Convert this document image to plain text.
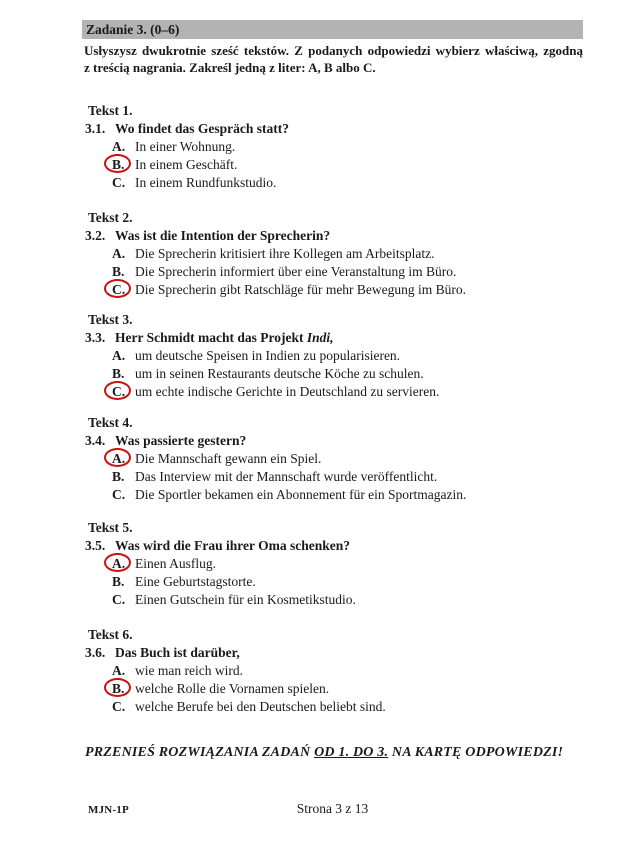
Zadanie 3. (0–6)

Usłyszysz dwukrotnie sześć tekstów. Z podanych odpowiedzi wybierz właściwą, zgodną

z treścią nagrania. Zakreśl jedną z liter: A, B albo C.

Tekst 1.
3.1. Wo findet das Gespräch statt?
A. In einer Wohnung.
B. In einem Geschäft.
C. In einem Rundfunkstudio.
Tekst 2.
3.2. Was ist die Intention der Sprecherin?
A. Die Sprecherin kritisiert ihre Kollegen am Arbeitsplatz.
B. Die Sprecherin informiert über eine Veranstaltung im Büro.
C. Die Sprecherin gibt Ratschläge für mehr Bewegung im Büro.
Tekst 3.
3.3. Herr Schmidt macht das Projekt Indi,
A. um deutsche Speisen in Indien zu popularisieren.
B. um in seinen Restaurants deutsche Köche zu schulen.
C. um echte indische Gerichte in Deutschland zu servieren.
Tekst 4.
3.4. Was passierte gestern?
A. Die Mannschaft gewann ein Spiel.
B. Das Interview mit der Mannschaft wurde veröffentlicht.
C. Die Sportler bekamen ein Abonnement für ein Sportmagazin.
Tekst 5.
3.5. Was wird die Frau ihrer Oma schenken?
A. Einen Ausflug.
B. Eine Geburtstagstorte.
C. Einen Gutschein für ein Kosmetikstudio.
Tekst 6.
3.6. Das Buch ist darüber,
A. wie man reich wird.
B. welche Rolle die Vornamen spielen.
C. welche Berufe bei den Deutschen beliebt sind.

PRZENIEŚ ROZWIĄZANIA ZADAŃ OD 1. DO 3. NA KARTĘ ODPOWIEDZI!

Strona 3 z 13
MJN-1P
